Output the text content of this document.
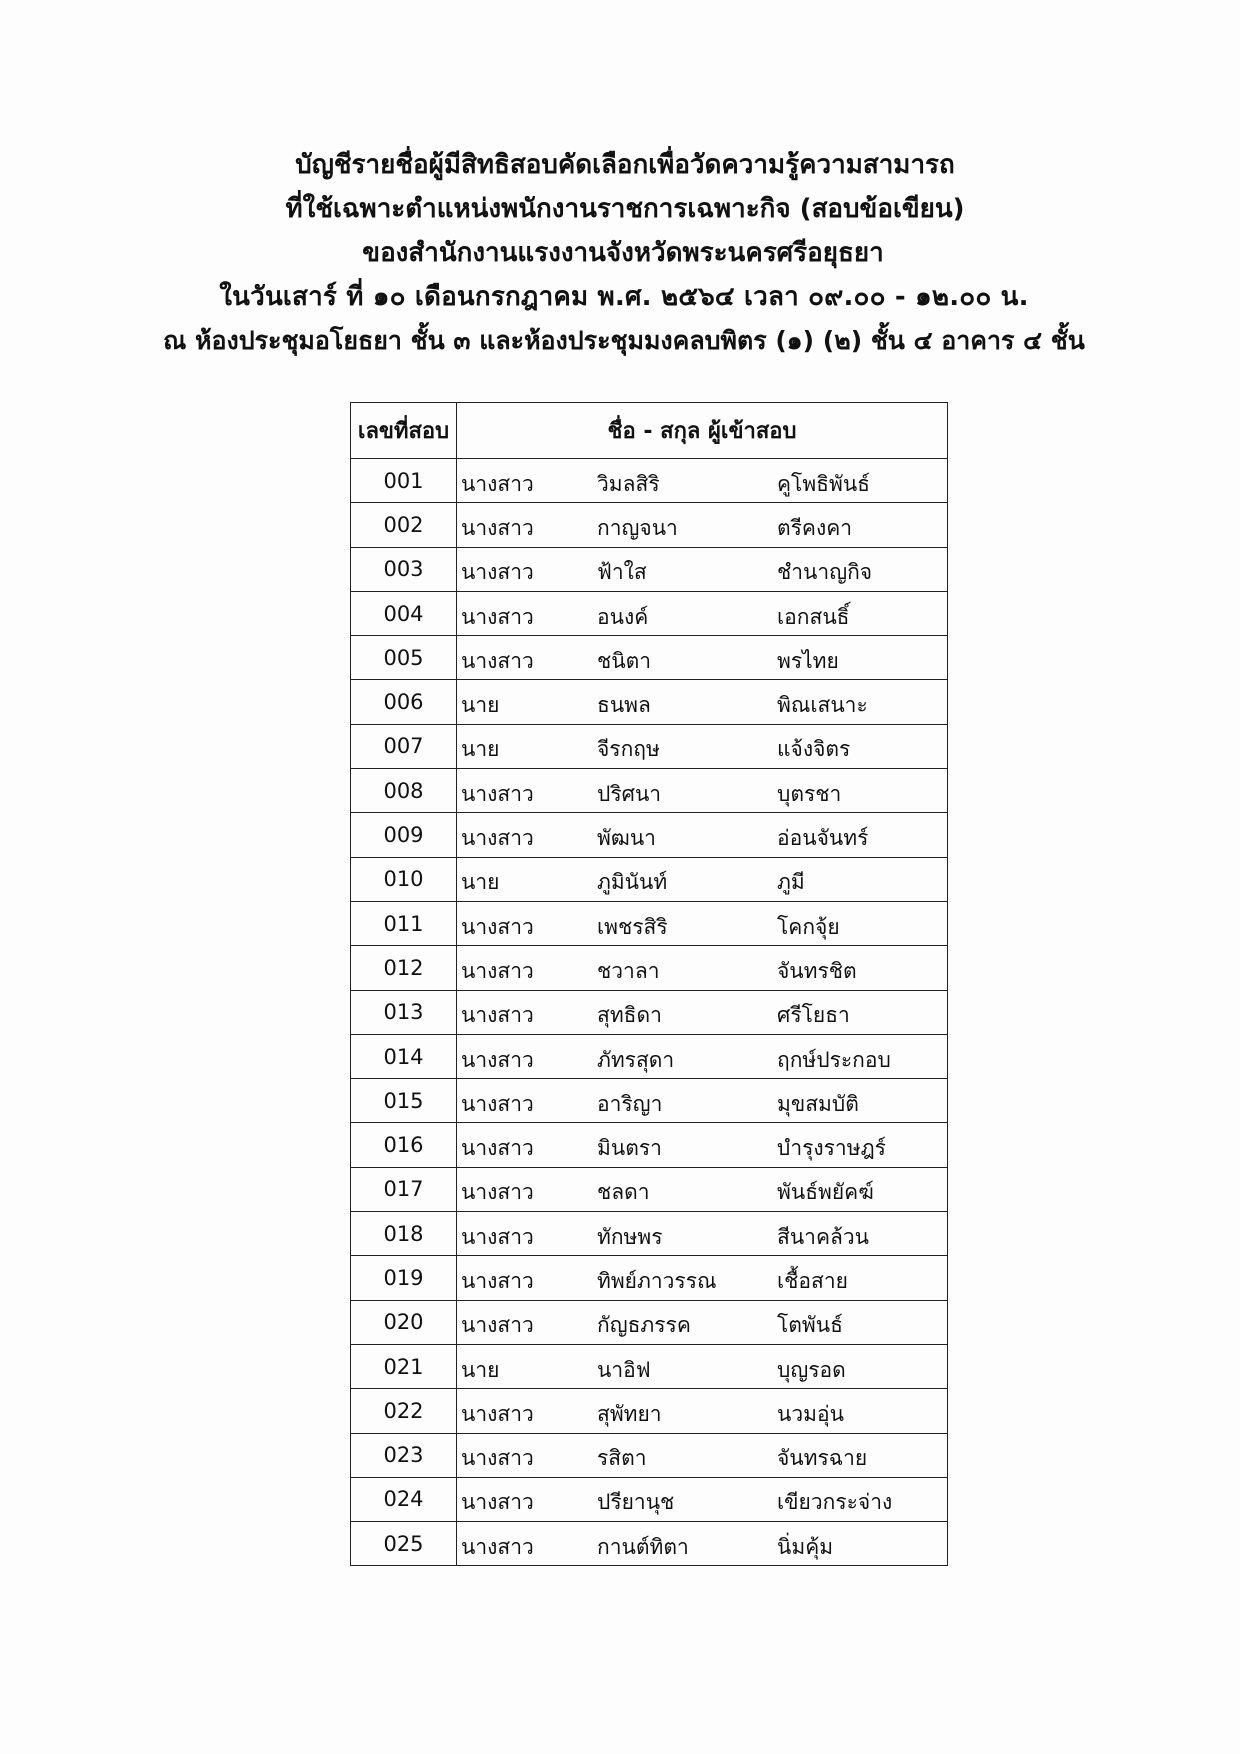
บัญชีรายชื่อผู้มีสิทธิสอบคัดเลือกเพื่อวัดความรู้ความสามารถ
ที่ใช้เฉพาะตำแหน่งพนักงานราชการเฉพาะกิจ (สอบข้อเขียน)
ของสำนักงานแรงงานจังหวัดพระนครศรีอยุธยา
ในวันเสาร์ ที่ ๑๐ เดือนกรกฎาคม พ.ศ. ๒๕๖๔ เวลา ๐๙.๐๐ - ๑๒.๐๐ น.
ณ ห้องประชุมอโยธยา ชั้น ๓ และห้องประชุมมงคลบพิตร (๑) (๒) ชั้น ๔ อาคาร ๔ ชั้น
เลขที่สอบ	ชื่อ - สกุล ผู้เข้าสอบ
001	นางสาว วิมลสิริ คูโพธิพันธ์

002	นางสาว กาญจนา ตรีคงคา

003	นางสาว ฟ้าใส ชำนาญกิจ

004	นางสาว อนงค์ เอกสนธิ์

005	นางสาว ชนิตา พรไทย

006	นาย ธนพล พิณเสนาะ

007	นาย จีรกฤษ แจ้งจิตร

008	นางสาว ปริศนา บุตรชา

009	นางสาว พัฒนา อ่อนจันทร์

010	นาย ภูมินันท์ ภูมี

011	นางสาว เพชรสิริ โคกจุ้ย

012	นางสาว ชวาลา จันทรชิต

013	นางสาว สุทธิดา ศรีโยธา

014	นางสาว ภัทรสุดา ฤกษ์ประกอบ

015	นางสาว อาริญา มุขสมบัติ

016	นางสาว มินตรา บำรุงราษฎร์

017	นางสาว ชลดา พันธ์พยัคฆ์

018	นางสาว ทักษพร สีนาคล้วน

019	นางสาว ทิพย์ภาวรรณ เชื้อสาย

020	นางสาว กัญธภรรค โตพันธ์

021	นาย นาอิฟ บุญรอด

022	นางสาว สุพัทยา นวมอุ่น

023	นางสาว รสิตา จันทรฉาย

024	นางสาว ปรียานุช เขียวกระจ่าง

025	นางสาว กานต์ทิตา นิ่มคุ้ม
